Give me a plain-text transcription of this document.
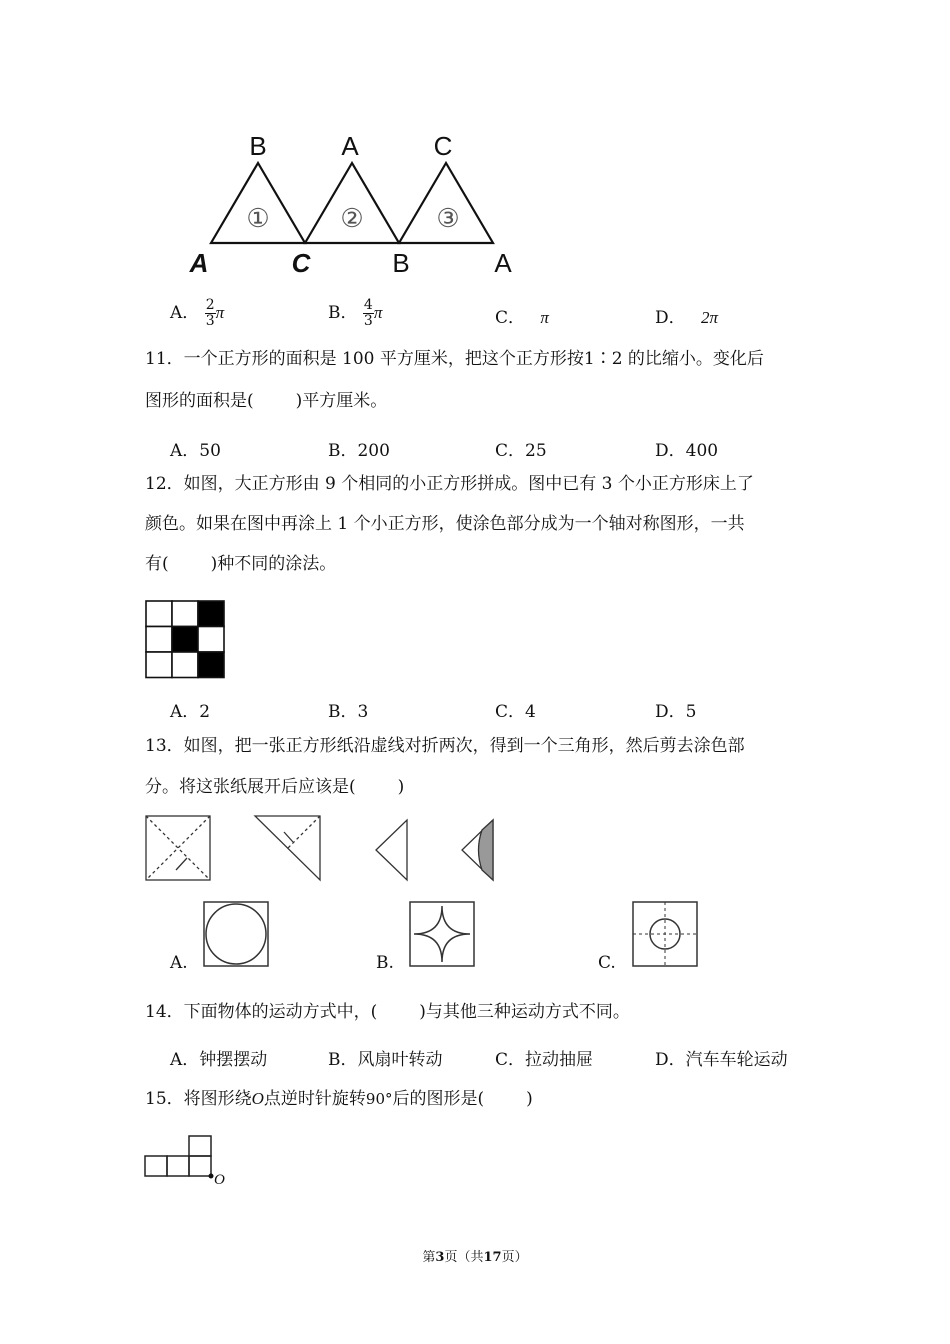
B	A	C
①	②	③
A	C	B	A
A． $\frac{2}{3}$ π	B． $\frac{4}{3}$ π	C． π	D． 2π
11．一个正方形的面积是 100 平方厘米，把这个正方形按1∶2 的比缩小。变化后
图形的面积是( )平方厘米。
A．50	B．200	C．25	D．400
12．如图，大正方形由 9 个相同的小正方形拼成。图中已有 3 个小正方形床上了
颜色。如果在图中再涂上 1 个小正方形，使涂色部分成为一个轴对称图形，一共
有( )种不同的涂法。
A．2	B．3	C．4	D．5
13．如图，把一张正方形纸沿虚线对折两次，得到一个三角形，然后剪去涂色部
分。将这张纸展开后应该是( )
A.	B.	C.
14．下面物体的运动方式中，( )与其他三种运动方式不同。
A．钟摆摆动	B．风扇叶转动	C．拉动抽屉	D．汽车车轮运动
15．将图形绕O点逆时针旋转90°后的图形是( )
O
第3页（共17页）
